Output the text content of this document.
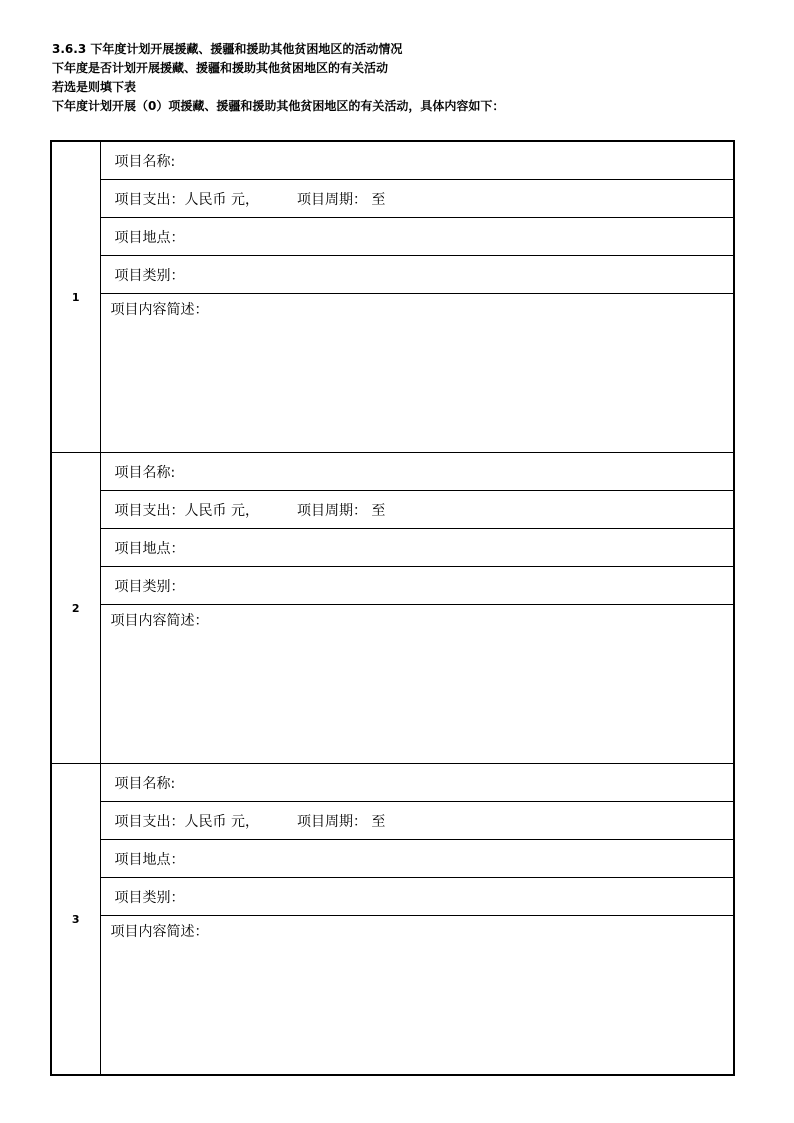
3.6.3 下年度计划开展援藏、援疆和援助其他贫困地区的活动情况
下年度是否计划开展援藏、援疆和援助其他贫困地区的有关活动
若选是则填下表
下年度计划开展（0）项援藏、援疆和援助其他贫困地区的有关活动，具体内容如下：
1	项目名称:
	项目支出：人民币 元， 项目周期： 至
	项目地点：
	项目类别：
	项目内容简述：
2	项目名称:
	项目支出：人民币 元， 项目周期： 至
	项目地点：
	项目类别：
	项目内容简述：
3	项目名称:
	项目支出：人民币 元， 项目周期： 至
	项目地点：
	项目类别：
	项目内容简述：
